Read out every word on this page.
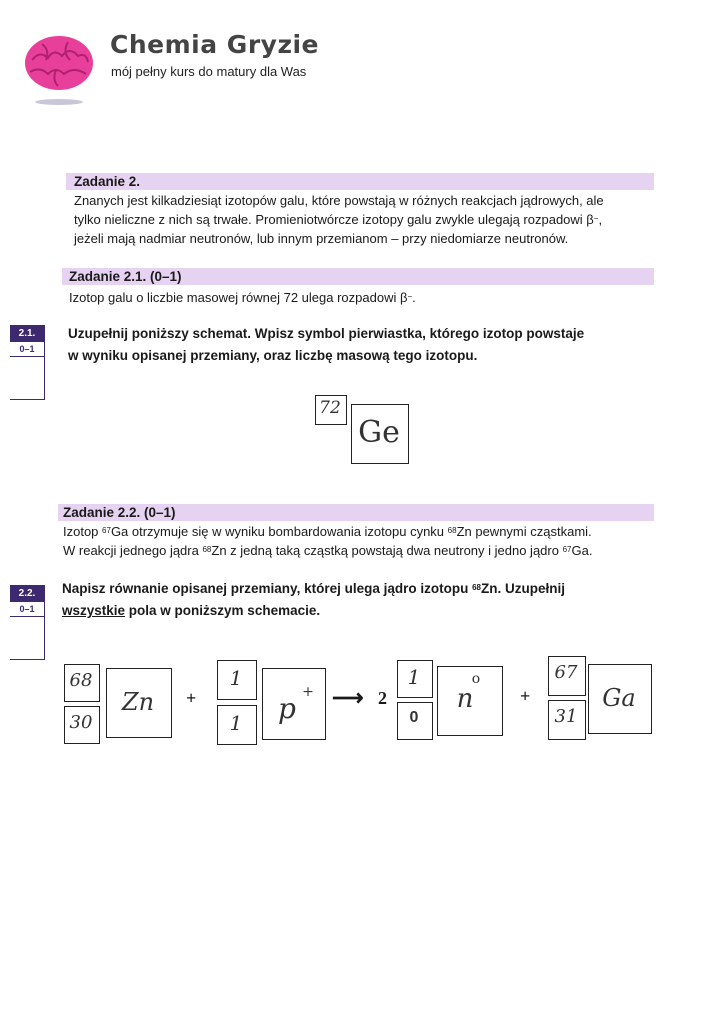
Chemia Gryzie
mój pełny kurs do matury dla Was
Zadanie 2.
Znanych jest kilkadziesiąt izotopów galu, które powstają w różnych reakcjach jądrowych, ale
tylko nieliczne z nich są trwałe. Promieniotwórcze izotopy galu zwykle ulegają rozpadowi β−,
jeżeli mają nadmiar neutronów, lub innym przemianom – przy niedomiarze neutronów.
Zadanie 2.1. (0–1)
Izotop galu o liczbie masowej równej 72 ulega rozpadowi β−.
2.1.
0–1
Uzupełnij poniższy schemat. Wpisz symbol pierwiastka, którego izotop powstaje
w wyniku opisanej przemiany, oraz liczbę masową tego izotopu.
72
Ge
Zadanie 2.2. (0–1)
Izotop $^{67}$Ga otrzymuje się w wyniku bombardowania izotopu cynku $^{68}$Zn pewnymi cząstkami.
W reakcji jednego jądra $^{68}$Zn z jedną taką cząstką powstają dwa neutrony i jedno jądro $^{67}$Ga.
2.2.
0–1
Napisz równanie opisanej przemiany, której ulega jądro izotopu $^{68}$Zn. Uzupełnij
wszystkie pola w poniższym schemacie.
68
30
Zn	+
1
1	p + ⟶ 2
1
0
n
o
+
67
31
Ga
